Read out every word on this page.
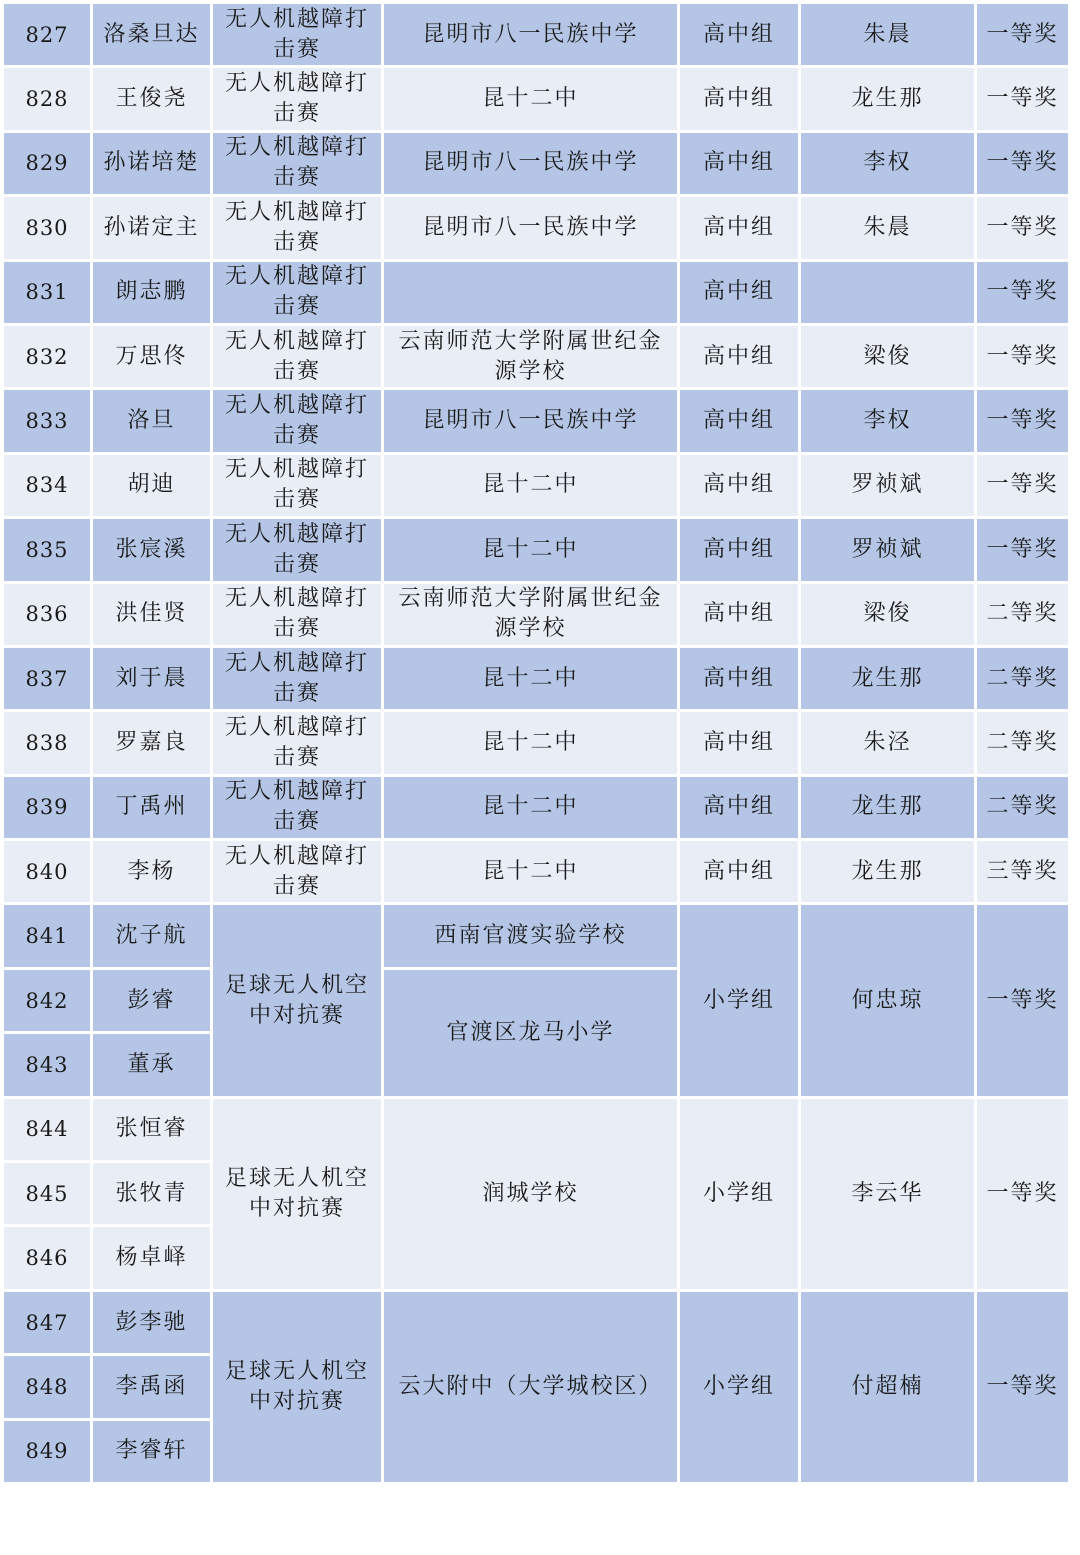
827	洛桑旦达	无人机越障打击赛	昆明市八一民族中学	高中组	朱晨	一等奖
828	王俊尧	无人机越障打击赛	昆十二中	高中组	龙生那	一等奖
829	孙诺培楚	无人机越障打击赛	昆明市八一民族中学	高中组	李权	一等奖
830	孙诺定主	无人机越障打击赛	昆明市八一民族中学	高中组	朱晨	一等奖
831	朗志鹏	无人机越障打击赛		高中组		一等奖
832	万思佟	无人机越障打击赛	云南师范大学附属世纪金源学校	高中组	梁俊	一等奖
833	洛旦	无人机越障打击赛	昆明市八一民族中学	高中组	李权	一等奖
834	胡迪	无人机越障打击赛	昆十二中	高中组	罗祯斌	一等奖
835	张宸溪	无人机越障打击赛	昆十二中	高中组	罗祯斌	一等奖
836	洪佳贤	无人机越障打击赛	云南师范大学附属世纪金源学校	高中组	梁俊	二等奖
837	刘于晨	无人机越障打击赛	昆十二中	高中组	龙生那	二等奖
838	罗嘉良	无人机越障打击赛	昆十二中	高中组	朱泾	二等奖
839	丁禹州	无人机越障打击赛	昆十二中	高中组	龙生那	二等奖
840	李杨	无人机越障打击赛	昆十二中	高中组	龙生那	三等奖
841	沈子航	足球无人机空中对抗赛	西南官渡实验学校	小学组	何忠琼	一等奖
842	彭睿		官渡区龙马小学			
843	董承					
844	张恒睿	足球无人机空中对抗赛	润城学校	小学组	李云华	一等奖
845	张牧青					
846	杨卓峄					
847	彭李驰	足球无人机空中对抗赛	云大附中（大学城校区）	小学组	付超楠	一等奖
848	李禹函					
849	李睿轩					
